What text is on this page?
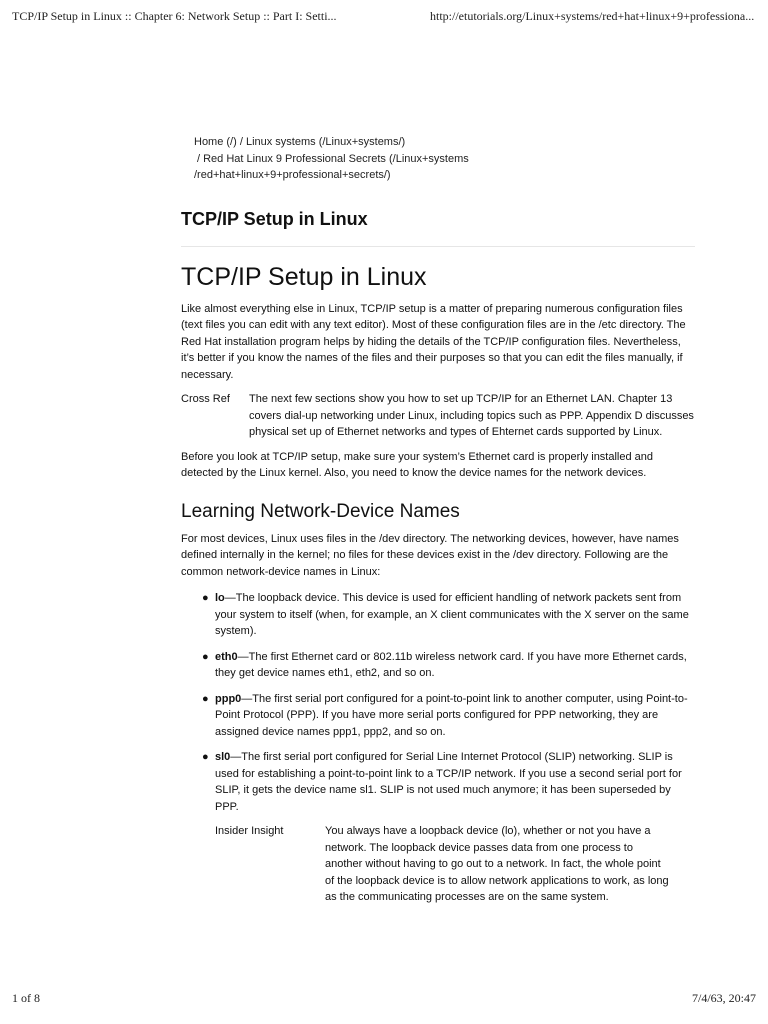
TCP/IP Setup in Linux :: Chapter 6: Network Setup :: Part I: Setti...	http://etutorials.org/Linux+systems/red+hat+linux+9+professiona...
Home (/) / Linux systems (/Linux+systems/)
/ Red Hat Linux 9 Professional Secrets (/Linux+systems
/red+hat+linux+9+professional+secrets/)
TCP/IP Setup in Linux
TCP/IP Setup in Linux

Like almost everything else in Linux, TCP/IP setup is a matter of preparing numerous configuration files (text files you can edit with any text editor). Most of these configuration files are in the /etc directory. The Red Hat installation program helps by hiding the details of the TCP/IP configuration files. Nevertheless, it’s better if you know the names of the files and their purposes so that you can edit the files manually, if necessary.

Cross Ref	The next few sections show you how to set up TCP/IP for an Ethernet LAN. Chapter 13 covers dial-up networking under Linux, including topics such as PPP. Appendix D discusses physical set up of Ethernet networks and types of Ehternet cards supported by Linux.

Before you look at TCP/IP setup, make sure your system’s Ethernet card is properly installed and detected by the Linux kernel. Also, you need to know the device names for the network devices.

Learning Network-Device Names

For most devices, Linux uses files in the /dev directory. The networking devices, however, have names defined internally in the kernel; no files for these devices exist in the /dev directory. Following are the common network-device names in Linux:

● lo—The loopback device. This device is used for efficient handling of network packets sent from your system to itself (when, for example, an X client communicates with the X server on the same system).
● eth0—The first Ethernet card or 802.11b wireless network card. If you have more Ethernet cards, they get device names eth1, eth2, and so on.
● ppp0—The first serial port configured for a point-to-point link to another computer, using Point-to-Point Protocol (PPP). If you have more serial ports configured for PPP networking, they are assigned device names ppp1, ppp2, and so on.
● sl0—The first serial port configured for Serial Line Internet Protocol (SLIP) networking. SLIP is used for establishing a point-to-point link to a TCP/IP network. If you use a second serial port for SLIP, it gets the device name sl1. SLIP is not used much anymore; it has been superseded by PPP.
Insider Insight	You always have a loopback device (lo), whether or not you have a network. The loopback device passes data from one process to another without having to go out to a network. In fact, the whole point of the loopback device is to allow network applications to work, as long as the communicating processes are on the same system.
1 of 8	7/4/63, 20:47
